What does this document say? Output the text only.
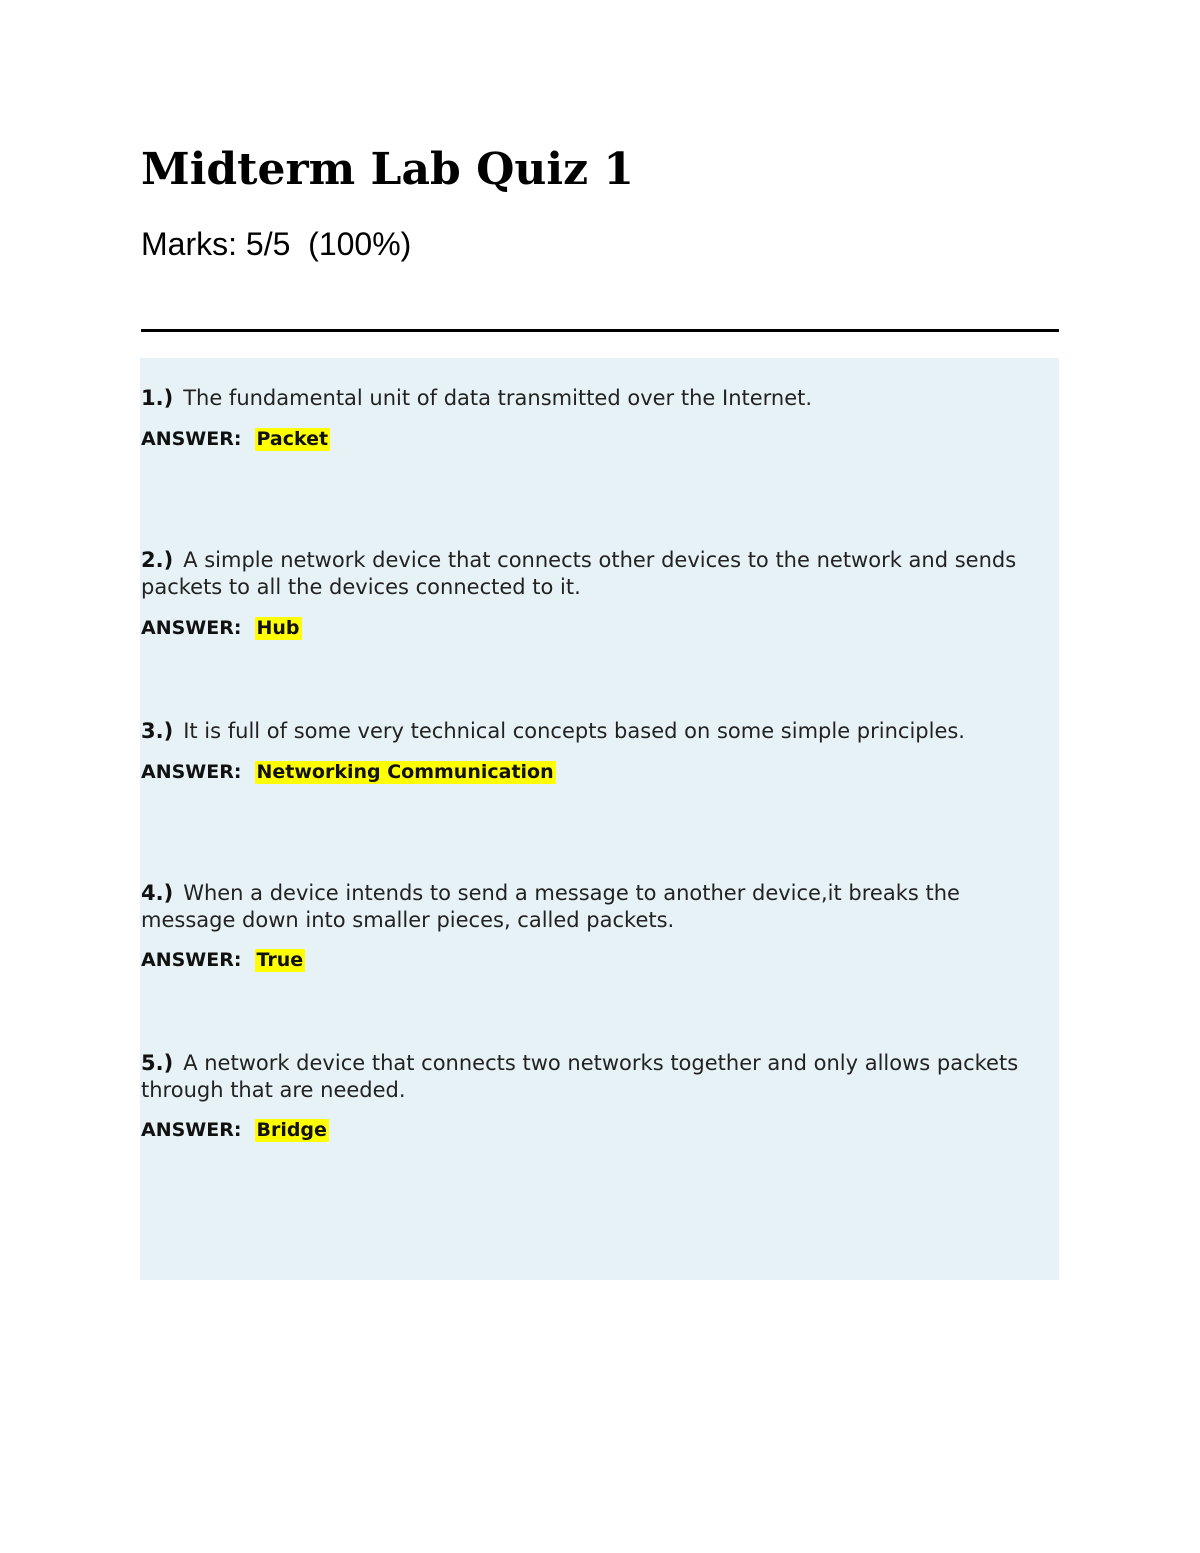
Midterm Lab Quiz 1
Marks: 5/5  (100%)
1.) The fundamental unit of data transmitted over the Internet.
ANSWER: Packet
2.) A simple network device that connects other devices to the network and sends packets to all the devices connected to it.
ANSWER: Hub
3.) It is full of some very technical concepts based on some simple principles.
ANSWER: Networking Communication
4.) When a device intends to send a message to another device,it breaks the message down into smaller pieces, called packets.
ANSWER: True
5.) A network device that connects two networks together and only allows packets through that are needed.
ANSWER: Bridge
